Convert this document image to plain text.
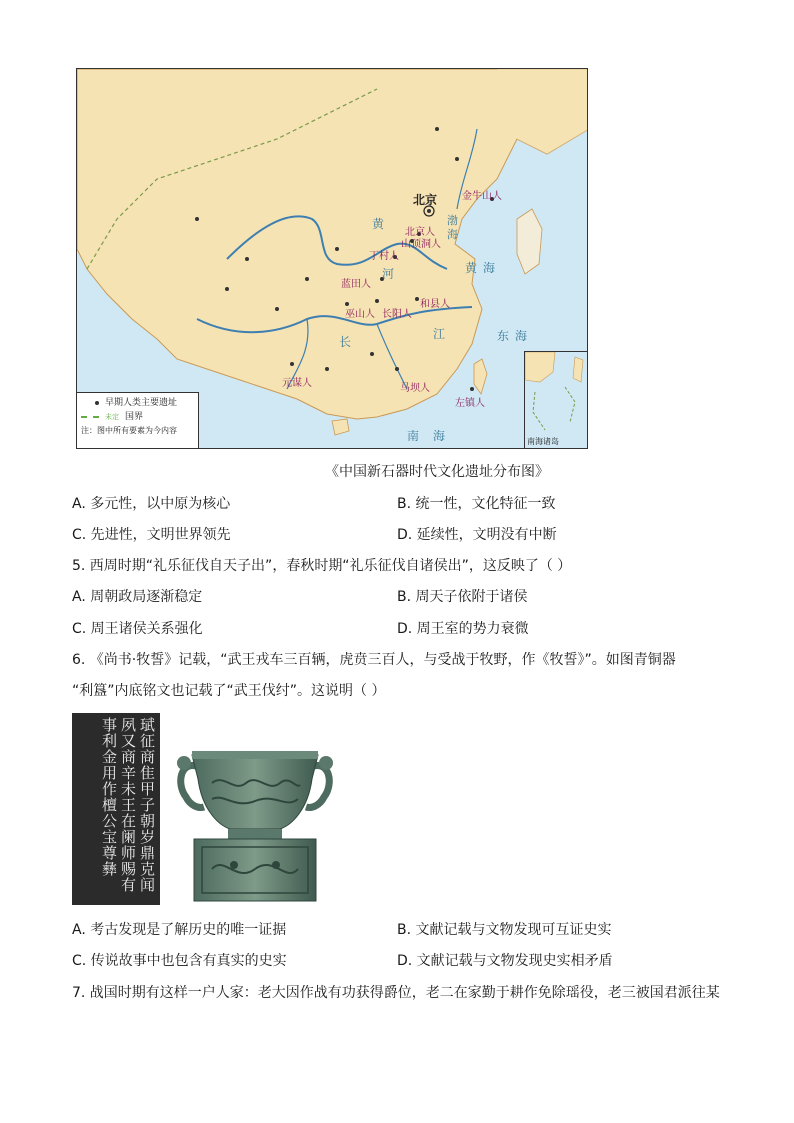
北京 金牛山人
北京人
山顶洞人
丁村人
蓝田人
巫山人 长阳人
和县人
元谋人	马坝人
左镇人
黄
河
长
江
渤海
黄海
东海
南海
早期人类主要遗址
未定 国界
注：图中所有要素为今内容
南海诸岛
《中国新石器时代文化遗址分布图》
A. 多元性，以中原为核心	B. 统一性，文化特征一致
C. 先进性，文明世界领先	D. 延续性，文明没有中断
5. 西周时期“礼乐征伐自天子出”，春秋时期“礼乐征伐自诸侯出”，这反映了（ ）
A. 周朝政局逐渐稳定	B. 周天子依附于诸侯
C. 周王诸侯关系强化	D. 周王室的势力衰微
6. 《尚书·牧誓》记载，“武王戎车三百辆，虎贲三百人，与受战于牧野，作《牧誓》”。如图青铜器
“利簋”内底铭文也记载了“武王伐纣”。这说明（ ）
珷征商隹甲子朝岁鼎克闻夙又商辛未王在阑师赐有事利金用作檀公宝尊彝
A. 考古发现是了解历史的唯一证据	B. 文献记载与文物发现可互证史实
C. 传说故事中也包含有真实的史实	D. 文献记载与文物发现史实相矛盾
7. 战国时期有这样一户人家：老大因作战有功获得爵位，老二在家勤于耕作免除瑶役，老三被国君派往某
